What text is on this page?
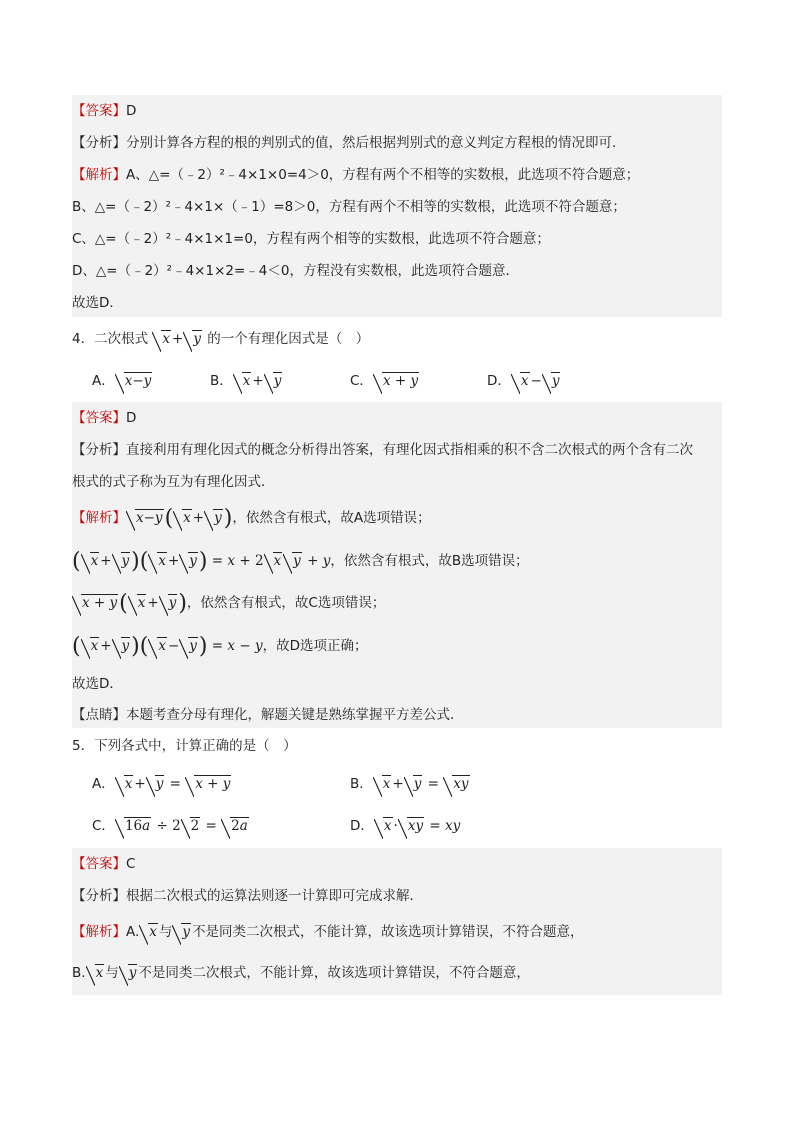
【答案】D
【分析】分别计算各方程的根的判别式的值，然后根据判别式的意义判定方程根的情况即可．
【解析】A、△=（﹣2）²﹣4×1×0=4＞0，方程有两个不相等的实数根，此选项不符合题意；
B、△=（﹣2）²﹣4×1×（﹣1）=8＞0，方程有两个不相等的实数根，此选项不符合题意；
C、△=（﹣2）²﹣4×1×1=0，方程有两个相等的实数根，此选项不符合题意；
D、△=（﹣2）²﹣4×1×2=﹣4＜0，方程没有实数根，此选项符合题意．
故选D．
4．二次根式 x + y 的一个有理化因式是（　）
A． x−y	B． x + y	C． x + y	D． x − y
【答案】D
【分析】直接利用有理化因式的概念分析得出答案，有理化因式指相乘的积不含二次根式的两个含有二次
根式的式子称为互为有理化因式．
【解析】 x−y( x + y)，依然含有根式，故A选项错误；
( x + y)( x + y) = x + 2 x y + y，依然含有根式，故B选项错误；
x + y( x + y)，依然含有根式，故C选项错误；
( x + y)( x − y) = x − y，故D选项正确；
故选D．
【点睛】本题考查分母有理化，解题关键是熟练掌握平方差公式．
5．下列各式中，计算正确的是（　）
A． x + y = x + y	B． x + y = xy
C． 16a ÷ 2 2 = 2a	D． x · xy = xy
【答案】C
【分析】根据二次根式的运算法则逐一计算即可完成求解．
【解析】A. x 与 y 不是同类二次根式，不能计算，故该选项计算错误，不符合题意，
B. x 与 y 不是同类二次根式，不能计算，故该选项计算错误，不符合题意，
